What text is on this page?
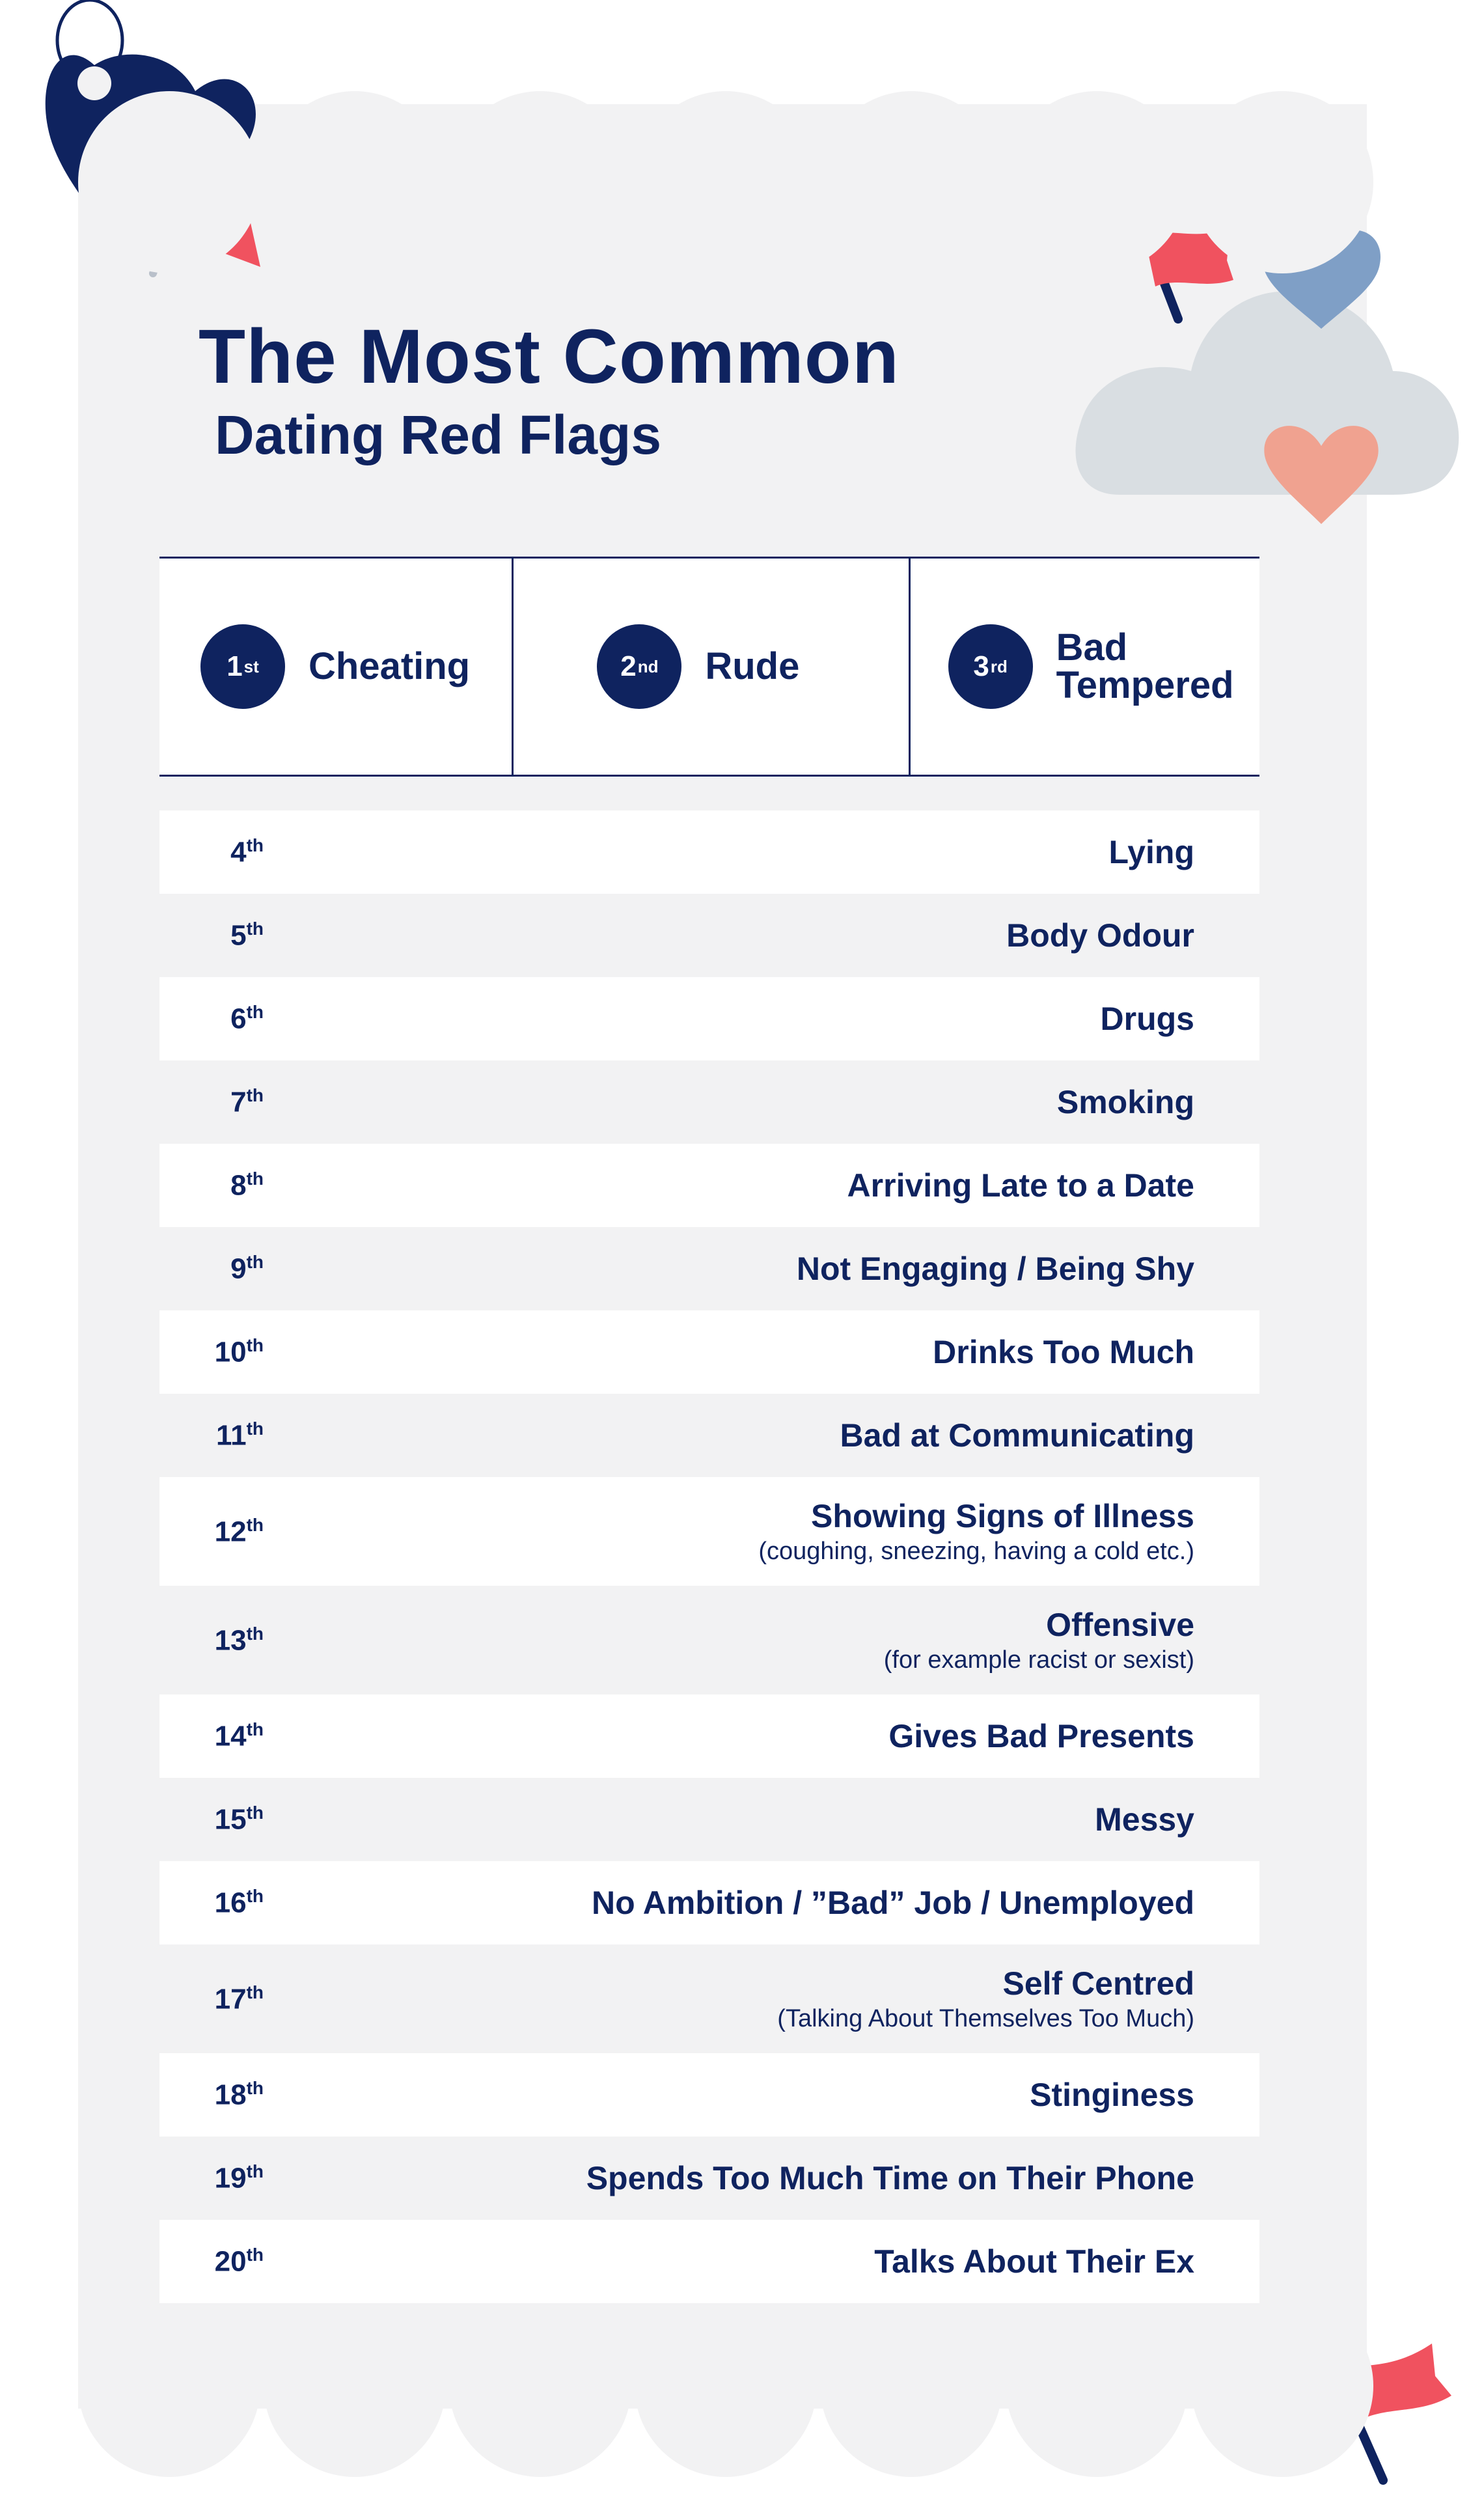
The Most Common
Dating Red Flags
1 st Cheating	2 nd Rude	3 rd Bad
Tempered
4th	Lying
5th	Body Odour
6th	Drugs
7th	Smoking
8th	Arriving Late to a Date
9th	Not Engaging / Being Shy
10th	Drinks Too Much
11th	Bad at Communicating
12th	Showing Signs of Illness
(coughing, sneezing, having a cold etc.)
13th	Offensive
(for example racist or sexist)
14th	Gives Bad Presents
15th	Messy
16th	No Ambition / ”Bad” Job / Unemployed
17th	Self Centred
(Talking About Themselves Too Much)
18th	Stinginess
19th	Spends Too Much Time on Their Phone
20th	Talks About Their Ex
